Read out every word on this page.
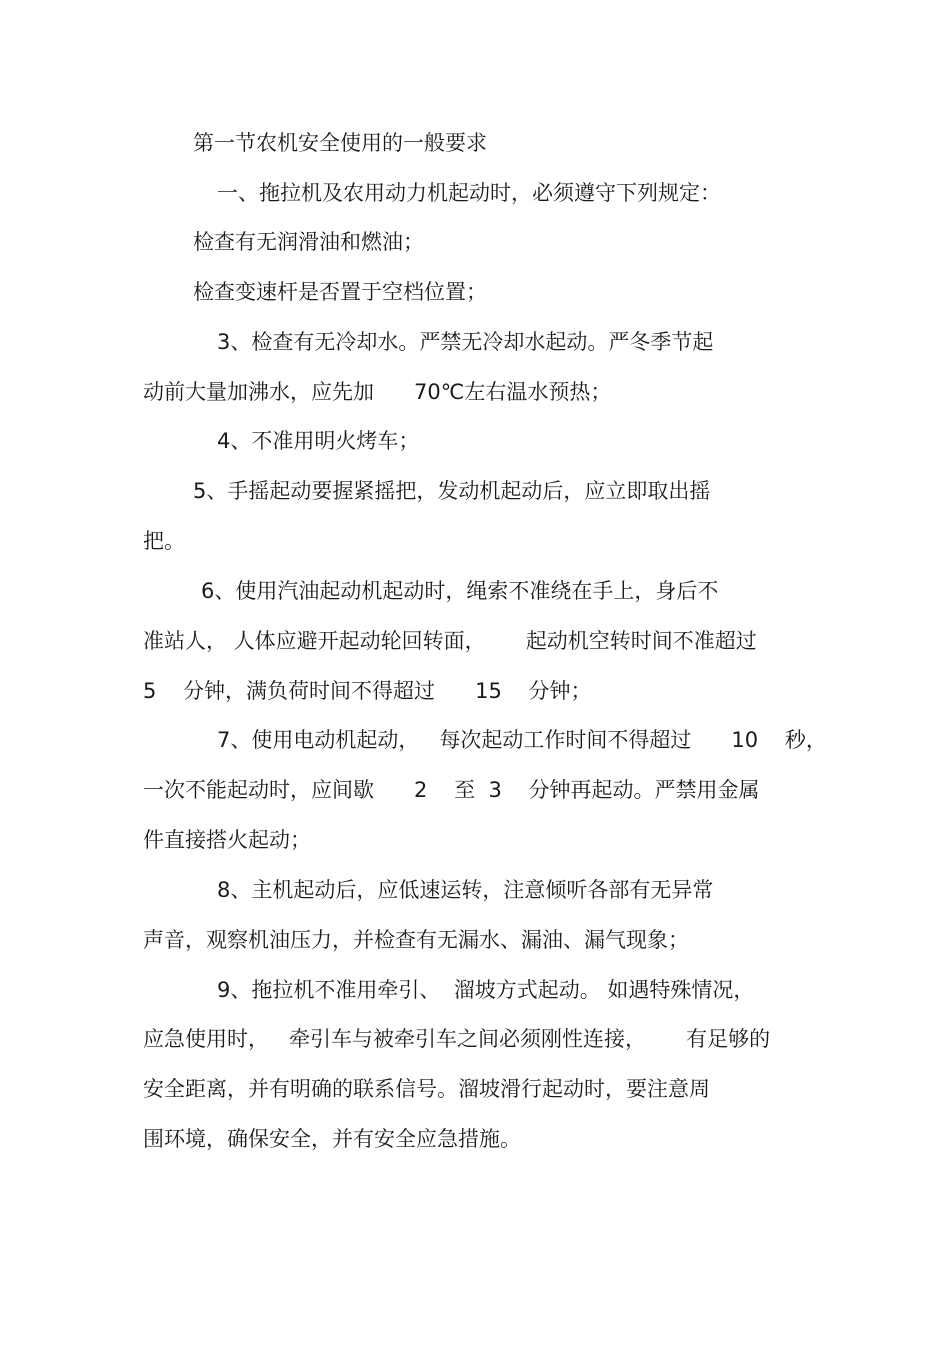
第一节农机安全使用的一般要求
一、拖拉机及农用动力机起动时，必须遵守下列规定：
检查有无润滑油和燃油；
检查变速杆是否置于空档位置；
3、检查有无冷却水。严禁无冷却水起动。严冬季节起
动前大量加沸水，应先加      70℃左右温水预热；
4、不准用明火烤车；
5、手摇起动要握紧摇把，发动机起动后，应立即取出摇
把。
6、使用汽油起动机起动时，绳索不准绕在手上，身后不
准站人， 人体应避开起动轮回转面，      起动机空转时间不准超过
5    分钟，满负荷时间不得超过      15    分钟；
7、使用电动机起动，   每次起动工作时间不得超过      10    秒，
一次不能起动时，应间歇      2    至  3    分钟再起动。严禁用金属
件直接搭火起动；
8、主机起动后，应低速运转，注意倾听各部有无异常
声音，观察机油压力，并检查有无漏水、漏油、漏气现象；
9、拖拉机不准用牵引、  溜坡方式起动。 如遇特殊情况，
应急使用时，   牵引车与被牵引车之间必须刚性连接，      有足够的
安全距离，并有明确的联系信号。溜坡滑行起动时，要注意周
围环境，确保安全，并有安全应急措施。
